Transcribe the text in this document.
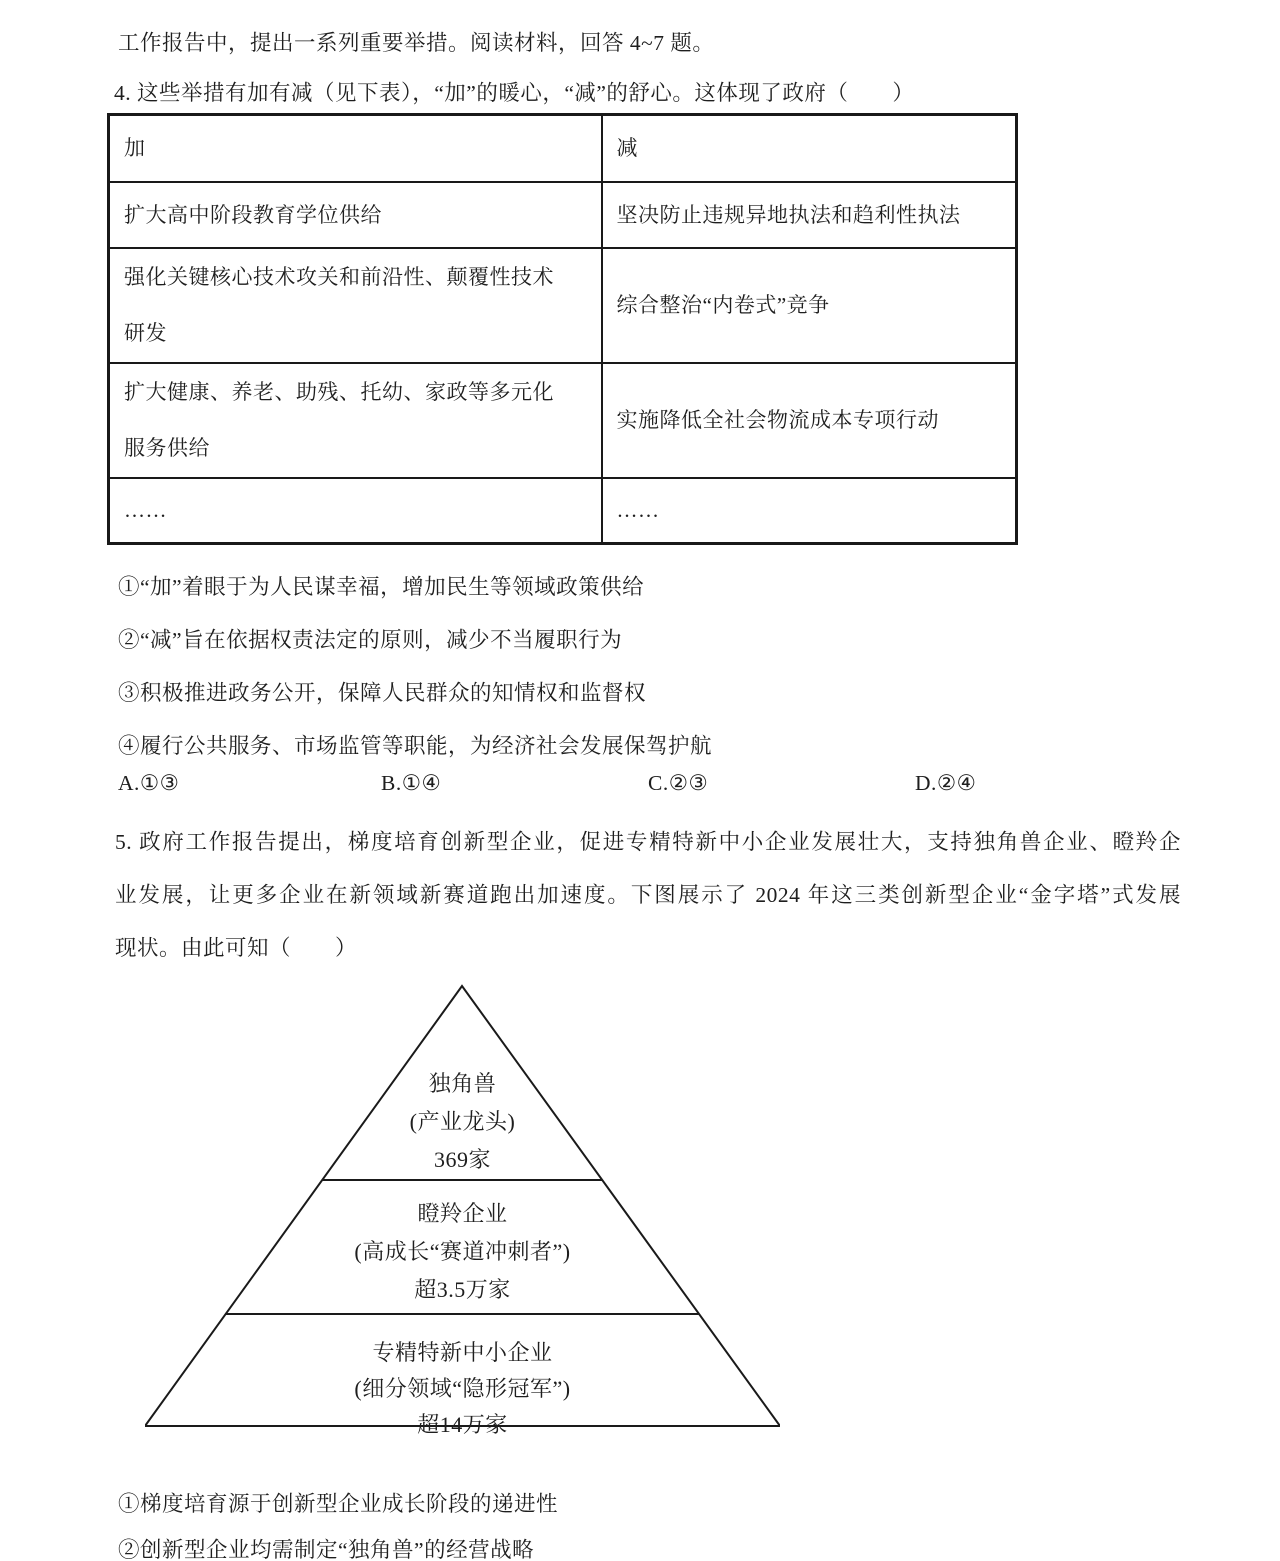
工作报告中，提出一系列重要举措。阅读材料，回答 4~7 题。
4. 这些举措有加有减（见下表），“加”的暖心，“减”的舒心。这体现了政府（　　）
加	减
扩大高中阶段教育学位供给	坚决防止违规异地执法和趋利性执法
强化关键核心技术攻关和前沿性、颠覆性技术研发	综合整治“内卷式”竞争
扩大健康、养老、助残、托幼、家政等多元化服务供给	实施降低全社会物流成本专项行动
……	……
①“加”着眼于为人民谋幸福，增加民生等领域政策供给
②“减”旨在依据权责法定的原则，减少不当履职行为
③积极推进政务公开，保障人民群众的知情权和监督权
④履行公共服务、市场监管等职能，为经济社会发展保驾护航
A.①③	B.①④	C.②③	D.②④
5. 政府工作报告提出，梯度培育创新型企业，促进专精特新中小企业发展壮大，支持独角兽企业、瞪羚企
业发展，让更多企业在新领域新赛道跑出加速度。下图展示了 2024 年这三类创新型企业“金字塔”式发展
现状。由此可知（　　）
独角兽
(产业龙头)
369家
瞪羚企业
(高成长“赛道冲刺者”)
超3.5万家
专精特新中小企业
(细分领域“隐形冠军”)
超14万家
①梯度培育源于创新型企业成长阶段的递进性
②创新型企业均需制定“独角兽”的经营战略
